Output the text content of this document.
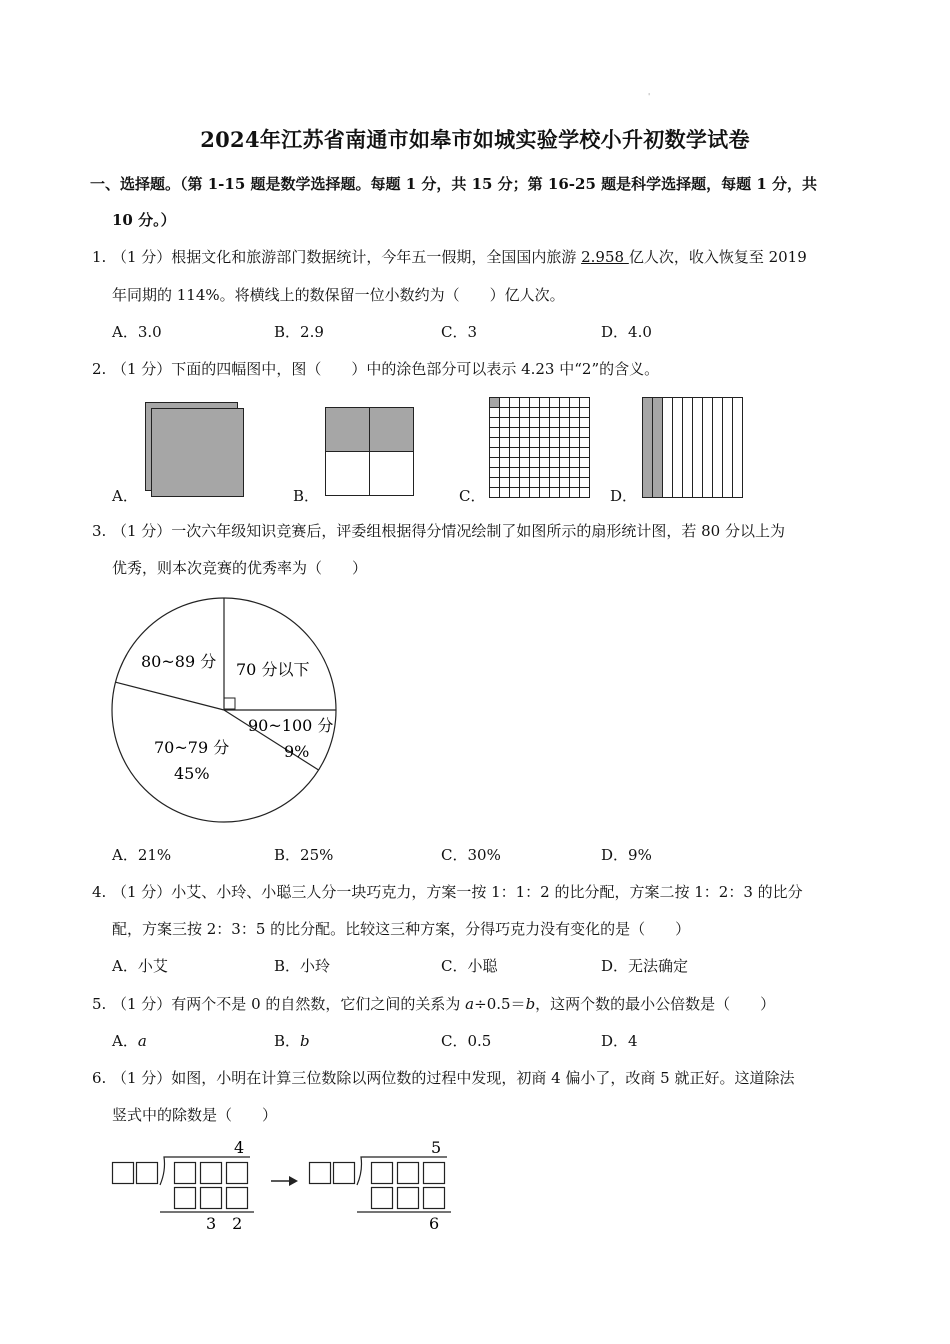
'
2024年江苏省南通市如皋市如城实验学校小升初数学试卷
一、选择题。（第 1-15 题是数学选择题。每题 1 分，共 15 分；第 16-25 题是科学选择题，每题 1 分，共
10 分。）
1. （1 分）根据文化和旅游部门数据统计，今年五一假期，全国国内旅游 2.958 亿人次，收入恢复至 2019
年同期的 114%。将横线上的数保留一位小数约为（　　）亿人次。
A．3.0	B．2.9	C．3	D．4.0
2. （1 分）下面的四幅图中，图（　　）中的涂色部分可以表示 4.23 中“2”的含义。
A．	B．	C．	D．
3. （1 分）一次六年级知识竞赛后，评委组根据得分情况绘制了如图所示的扇形统计图，若 80 分以上为
优秀，则本次竞赛的优秀率为（　　）
70 分以下
80~89 分
70~79 分
45%
90~100 分
9%
A．21%	B．25%	C．30%	D．9%
4. （1 分）小艾、小玲、小聪三人分一块巧克力，方案一按 1：1：2 的比分配，方案二按 1：2：3 的比分
配，方案三按 2：3：5 的比分配。比较这三种方案，分得巧克力没有变化的是（　　）
A．小艾	B．小玲	C．小聪	D．无法确定
5. （1 分）有两个不是 0 的自然数，它们之间的关系为 a÷0.5＝b，这两个数的最小公倍数是（　　）
A．a	B．b	C．0.5	D．4
6. （1 分）如图，小明在计算三位数除以两位数的过程中发现，初商 4 偏小了，改商 5 就正好。这道除法
竖式中的除数是（　　）
4
3　2
5
6
